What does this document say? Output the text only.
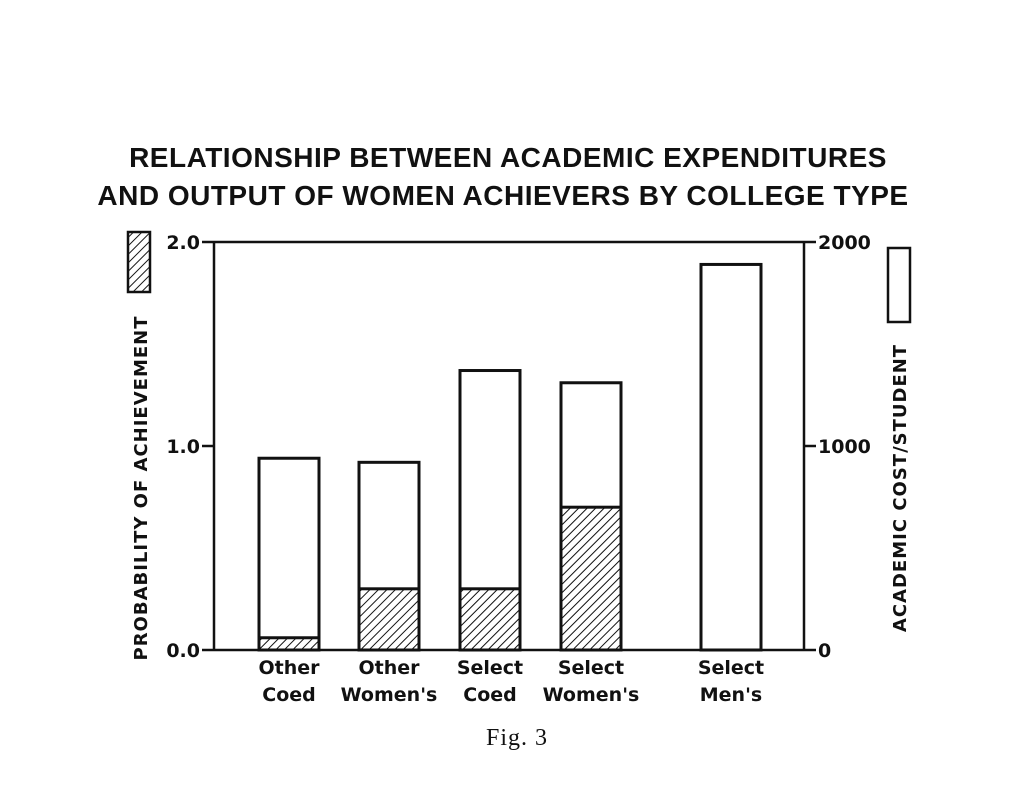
RELATIONSHIP BETWEEN ACADEMIC EXPENDITURES
AND OUTPUT OF WOMEN ACHIEVERS BY COLLEGE TYPE
0.0
1.0
2.0
0
1000
2000
Other
Coed
Other
Women's
Select
Coed
Select
Women's
Select
Men's
PROBABILITY OF ACHIEVEMENT	ACADEMIC COST/STUDENT
Fig. 3
